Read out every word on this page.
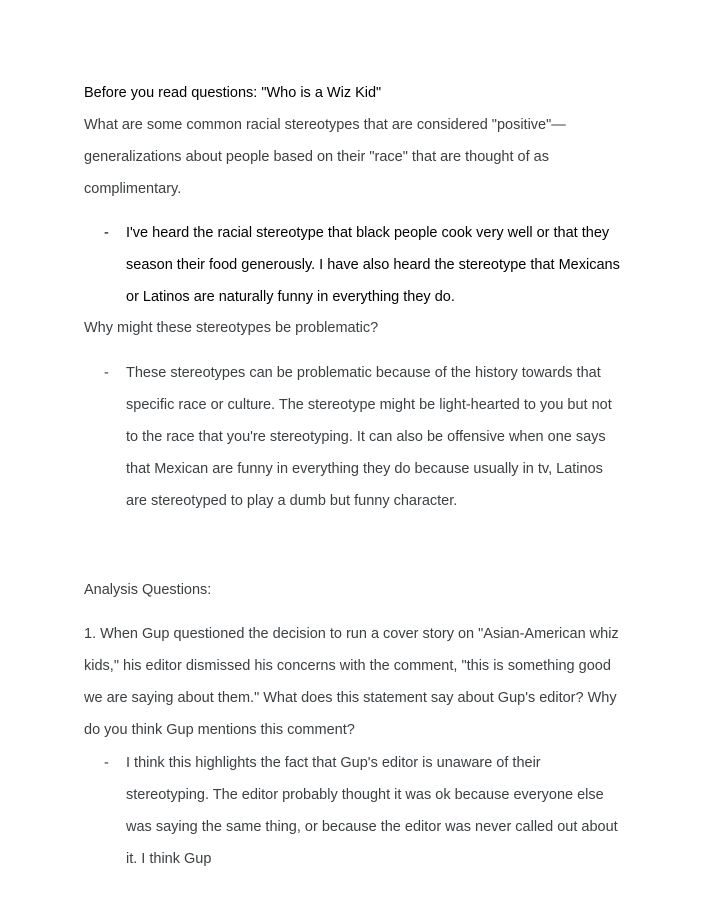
Before you read questions: "Who is a Wiz Kid"

What are some common racial stereotypes that are considered "positive"—generalizations about people based on their "race" that are thought of as complimentary.

- I've heard the racial stereotype that black people cook very well or that they season their food generously. I have also heard the stereotype that Mexicans or Latinos are naturally funny in everything they do.

Why might these stereotypes be problematic?

- These stereotypes can be problematic because of the history towards that specific race or culture. The stereotype might be light-hearted to you but not to the race that you're stereotyping. It can also be offensive when one says that Mexican are funny in everything they do because usually in tv, Latinos are stereotyped to play a dumb but funny character.

Analysis Questions:

1. When Gup questioned the decision to run a cover story on "Asian-American whiz kids," his editor dismissed his concerns with the comment, "this is something good we are saying about them." What does this statement say about Gup's editor? Why do you think Gup mentions this comment?

- I think this highlights the fact that Gup's editor is unaware of their stereotyping. The editor probably thought it was ok because everyone else was saying the same thing, or because the editor was never called out about it. I think Gup
